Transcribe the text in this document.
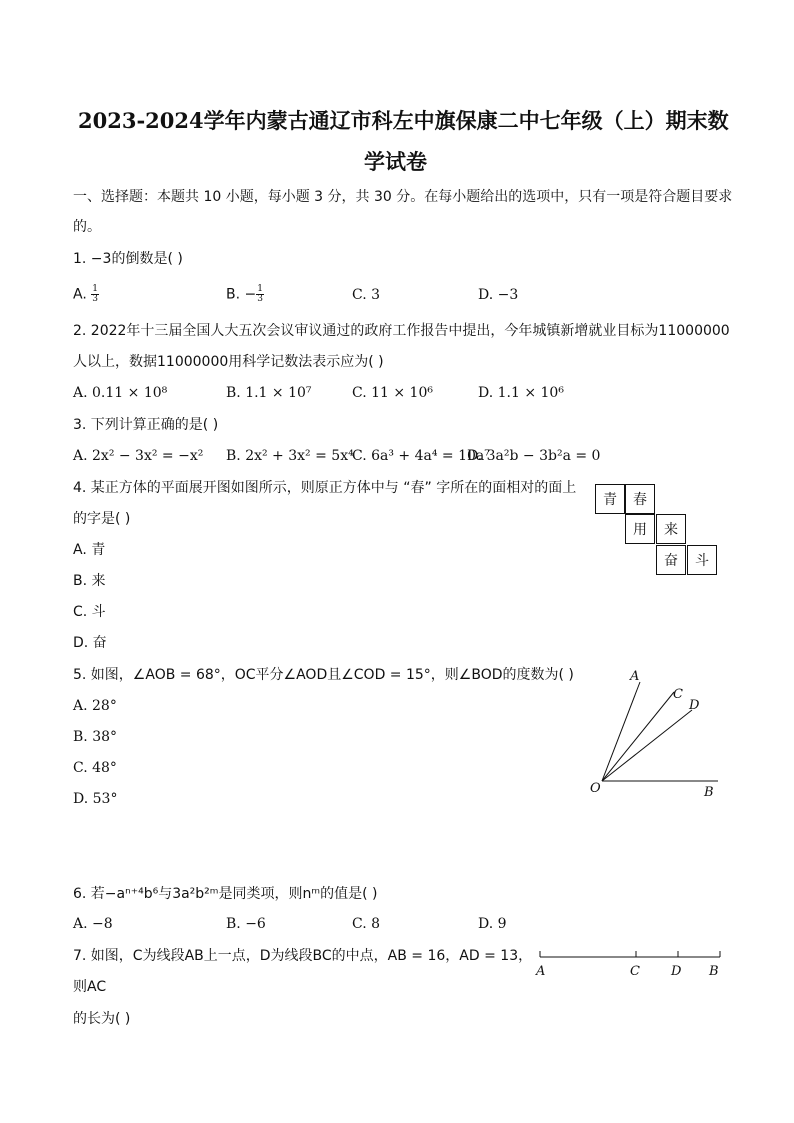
2023-2024学年内蒙古通辽市科左中旗保康二中七年级（上）期末数
学试卷
一、选择题：本题共 10 小题，每小题 3 分，共 30 分。在每小题给出的选项中，只有一项是符合题目要求
的。
1. −3的倒数是( )
A. $\frac{1}{3}$	B. − $\frac{1}{3}$	C. 3	D. −3
2. 2022年十三届全国人大五次会议审议通过的政府工作报告中提出，今年城镇新增就业目标为11000000
人以上，数据11000000用科学记数法表示应为( )
A. 0.11 × 10⁸	B. 1.1 × 10⁷	C. 11 × 10⁶	D. 1.1 × 10⁶
3. 下列计算正确的是( )
A. 2x² − 3x² = −x² B. 2x² + 3x² = 5x⁴
C. 6a³ + 4a⁴ = 10a⁷
D. 3a²b − 3b²a = 0
4. 某正方体的平面展开图如图所示，则原正方体中与 “春” 字所在的面相对的面上
的字是( )
A. 青
B. 来
C. 斗
D. 奋
青	春
用	来
奋	斗
5. 如图，∠AOB = 68°，OC平分∠AOD且∠COD = 15°，则∠BOD的度数为( )
A. 28°
B. 38°
C. 48°
D. 53°
A
C
D
O	B
6. 若−aⁿ⁺⁴b⁶与3a²b²ᵐ是同类项，则nᵐ的值是( )
A. −8	B. −6	C. 8	D. 9
7. 如图，C为线段AB上一点，D为线段BC的中点，AB = 16，AD = 13，
则AC
的长为( )
A	C D B
